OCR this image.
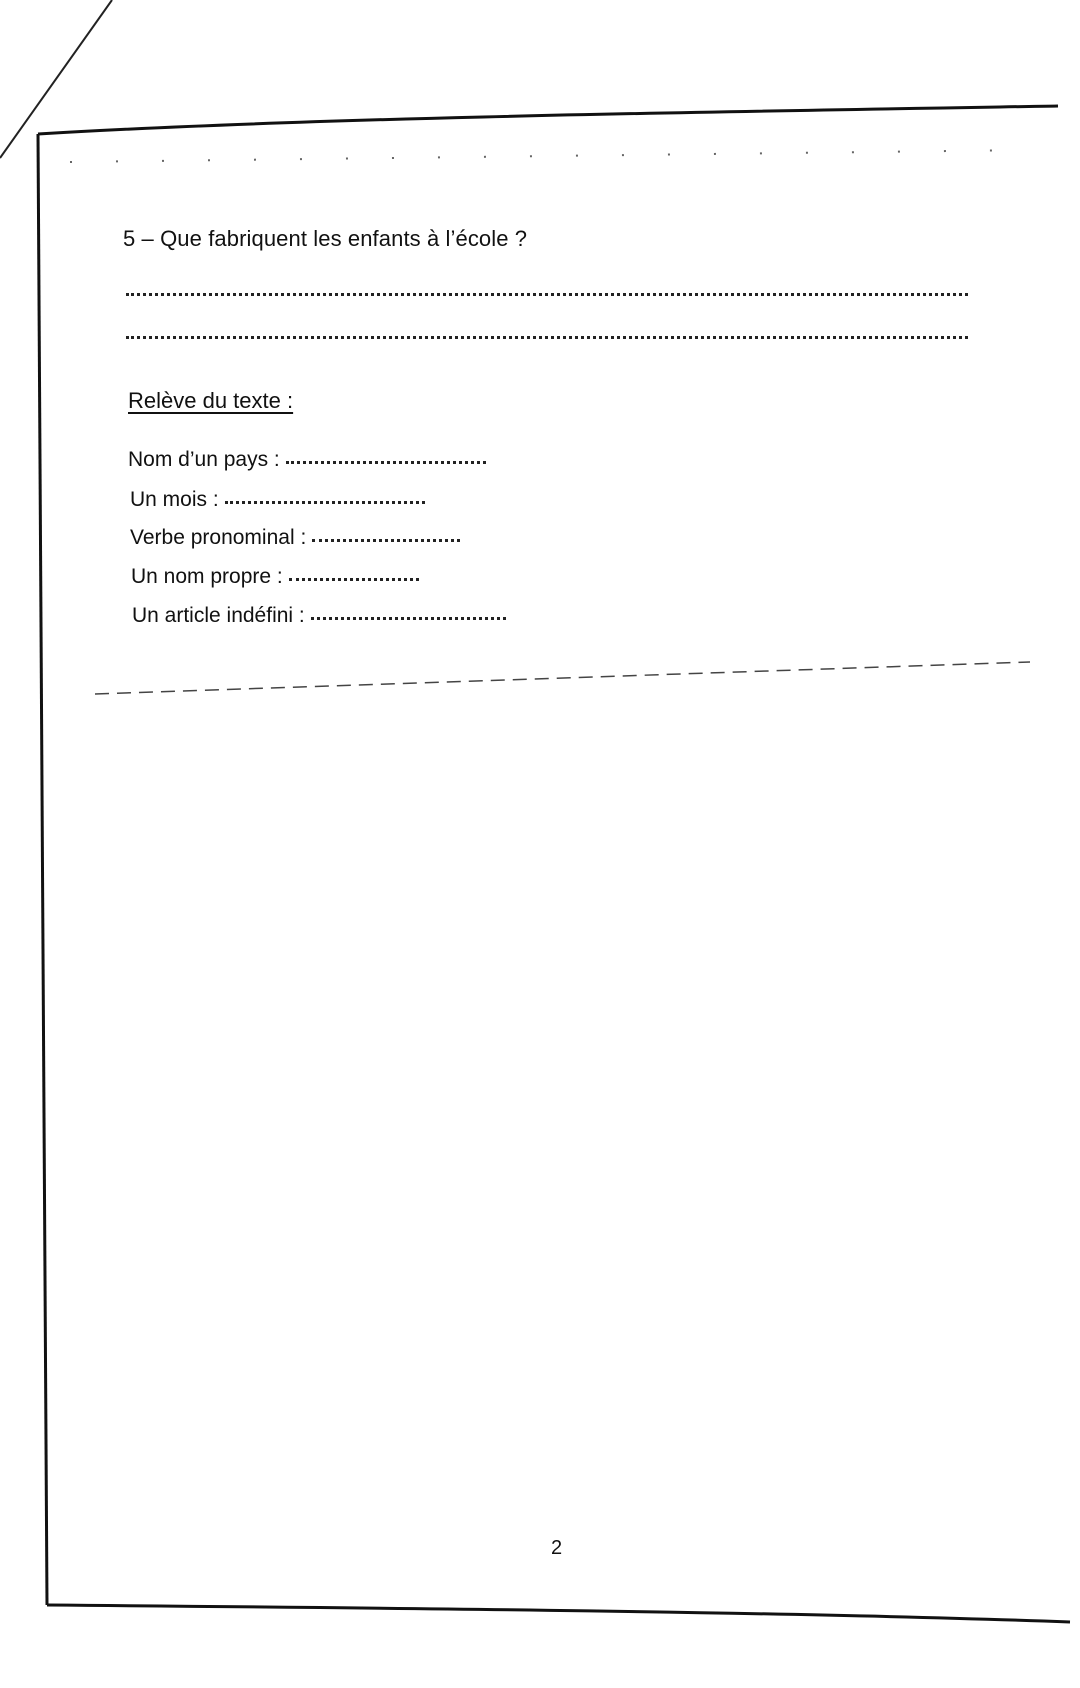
5 – Que fabriquent les enfants à l’école ?
Relève du texte :
Nom d’un pays :
Un mois :
Verbe pronominal :
Un nom propre :
Un article indéfini :
2
